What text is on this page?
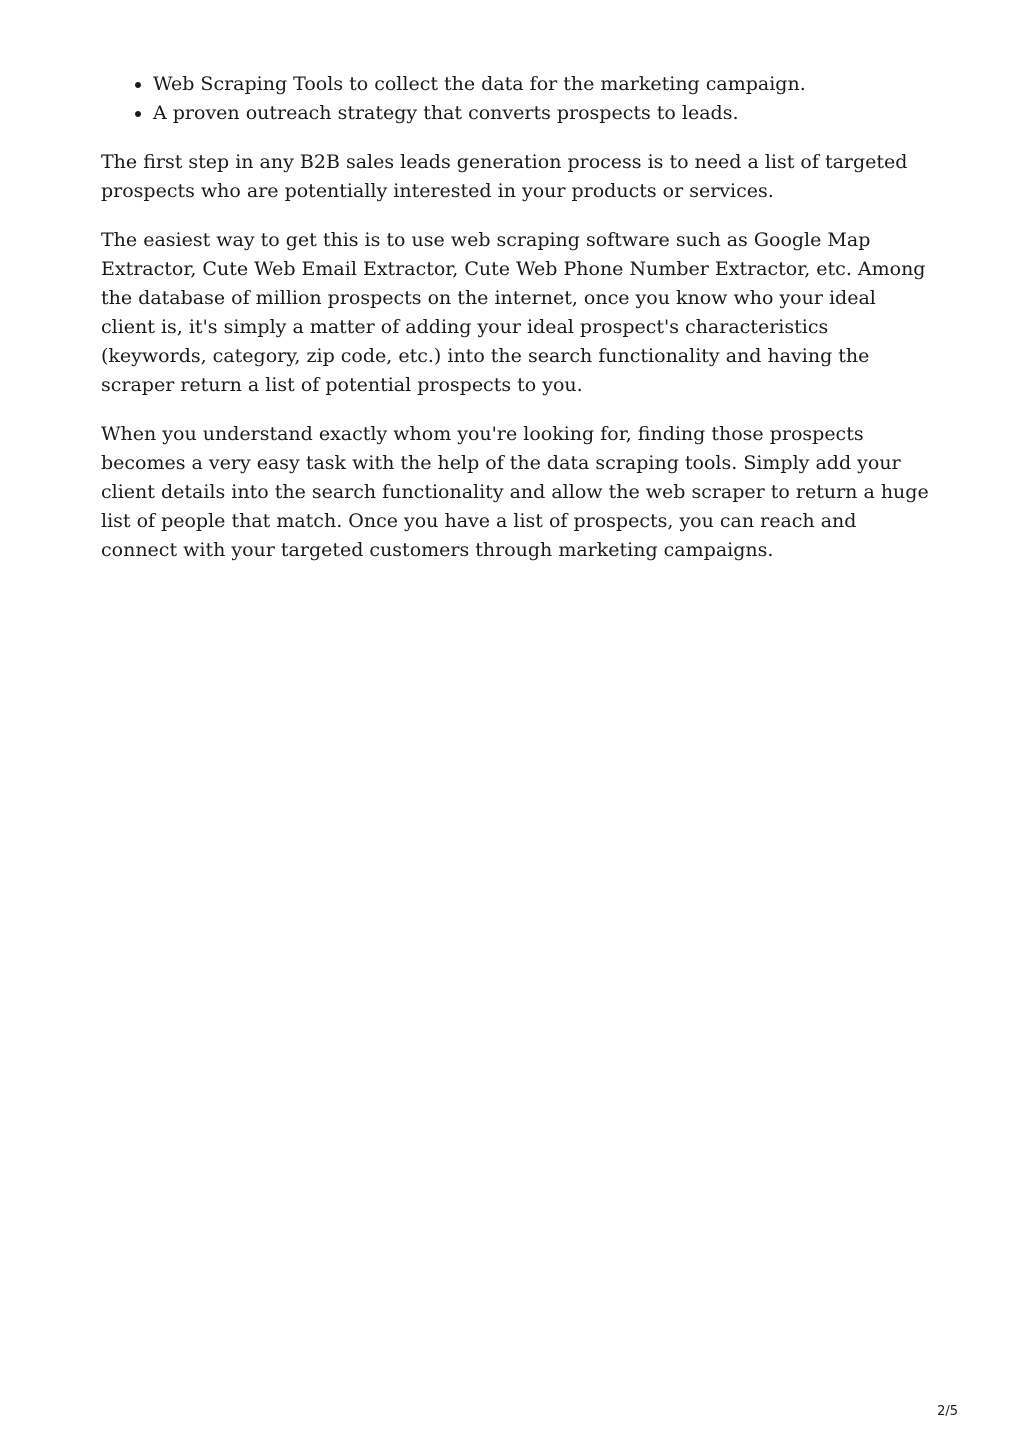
• Web Scraping Tools to collect the data for the marketing campaign.
• A proven outreach strategy that converts prospects to leads.

The first step in any B2B sales leads generation process is to need a list of targeted prospects who are potentially interested in your products or services.

The easiest way to get this is to use web scraping software such as Google Map Extractor, Cute Web Email Extractor, Cute Web Phone Number Extractor, etc. Among the database of million prospects on the internet, once you know who your ideal client is, it's simply a matter of adding your ideal prospect's characteristics (keywords, category, zip code, etc.) into the search functionality and having the scraper return a list of potential prospects to you.

When you understand exactly whom you're looking for, finding those prospects becomes a very easy task with the help of the data scraping tools. Simply add your client details into the search functionality and allow the web scraper to return a huge list of people that match. Once you have a list of prospects, you can reach and connect with your targeted customers through marketing campaigns.

2/5
